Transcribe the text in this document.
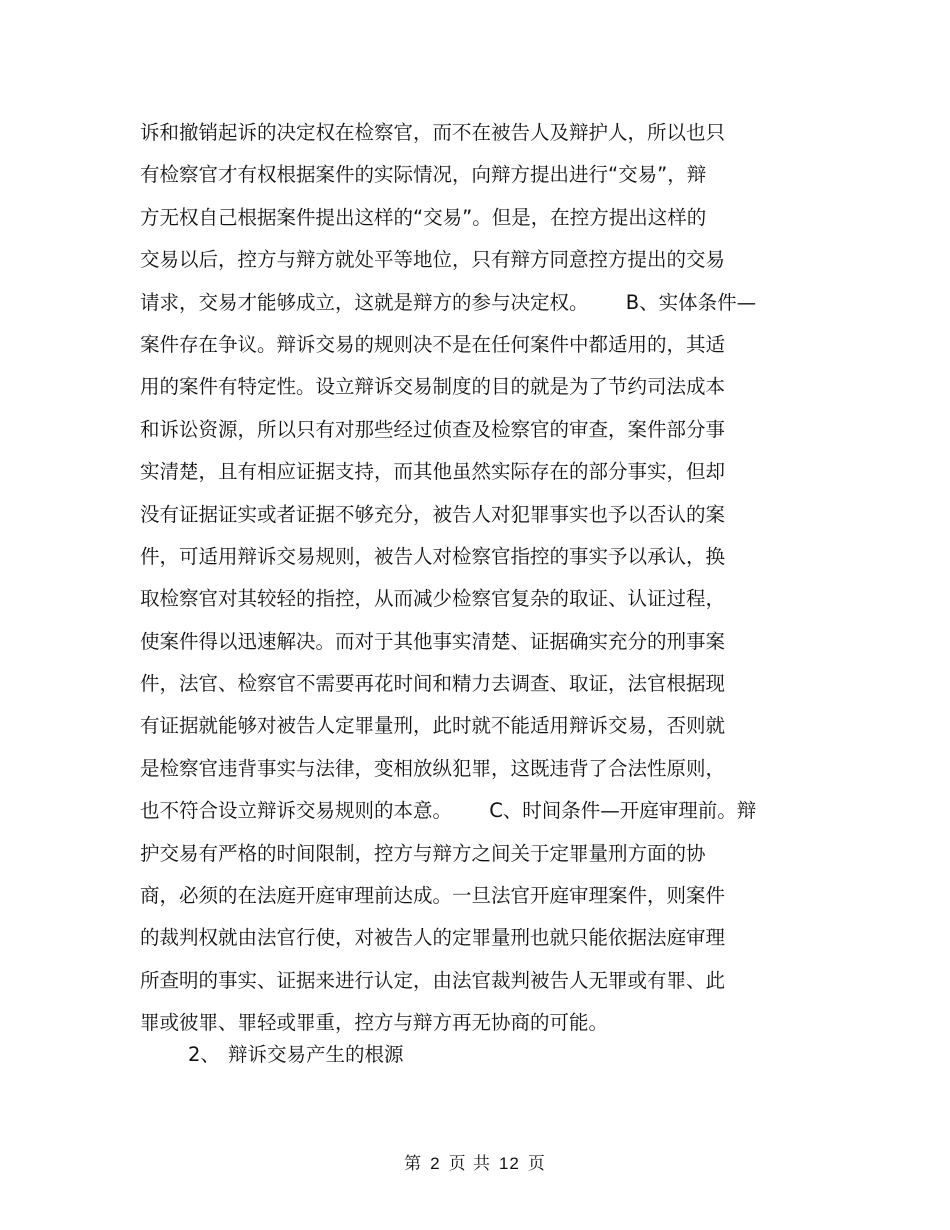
诉和撤销起诉的决定权在检察官，而不在被告人及辩护人，所以也只
有检察官才有权根据案件的实际情况，向辩方提出进行“交易”，辩
方无权自己根据案件提出这样的“交易”。但是，在控方提出这样的
交易以后，控方与辩方就处平等地位，只有辩方同意控方提出的交易
请求，交易才能够成立，这就是辩方的参与决定权。      B、实体条件—
案件存在争议。辩诉交易的规则决不是在任何案件中都适用的，其适
用的案件有特定性。设立辩诉交易制度的目的就是为了节约司法成本
和诉讼资源，所以只有对那些经过侦查及检察官的审查，案件部分事
实清楚，且有相应证据支持，而其他虽然实际存在的部分事实，但却
没有证据证实或者证据不够充分，被告人对犯罪事实也予以否认的案
件，可适用辩诉交易规则，被告人对检察官指控的事实予以承认，换
取检察官对其较轻的指控，从而减少检察官复杂的取证、认证过程，
使案件得以迅速解决。而对于其他事实清楚、证据确实充分的刑事案
件，法官、检察官不需要再花时间和精力去调查、取证，法官根据现
有证据就能够对被告人定罪量刑，此时就不能适用辩诉交易，否则就
是检察官违背事实与法律，变相放纵犯罪，这既违背了合法性原则，
也不符合设立辩诉交易规则的本意。      C、时间条件—开庭审理前。辩
护交易有严格的时间限制，控方与辩方之间关于定罪量刑方面的协
商，必须的在法庭开庭审理前达成。一旦法官开庭审理案件，则案件
的裁判权就由法官行使，对被告人的定罪量刑也就只能依据法庭审理
所查明的事实、证据来进行认定，由法官裁判被告人无罪或有罪、此
罪或彼罪、罪轻或罪重，控方与辩方再无协商的可能。
2、 辩诉交易产生的根源
第 2 页 共 12 页
